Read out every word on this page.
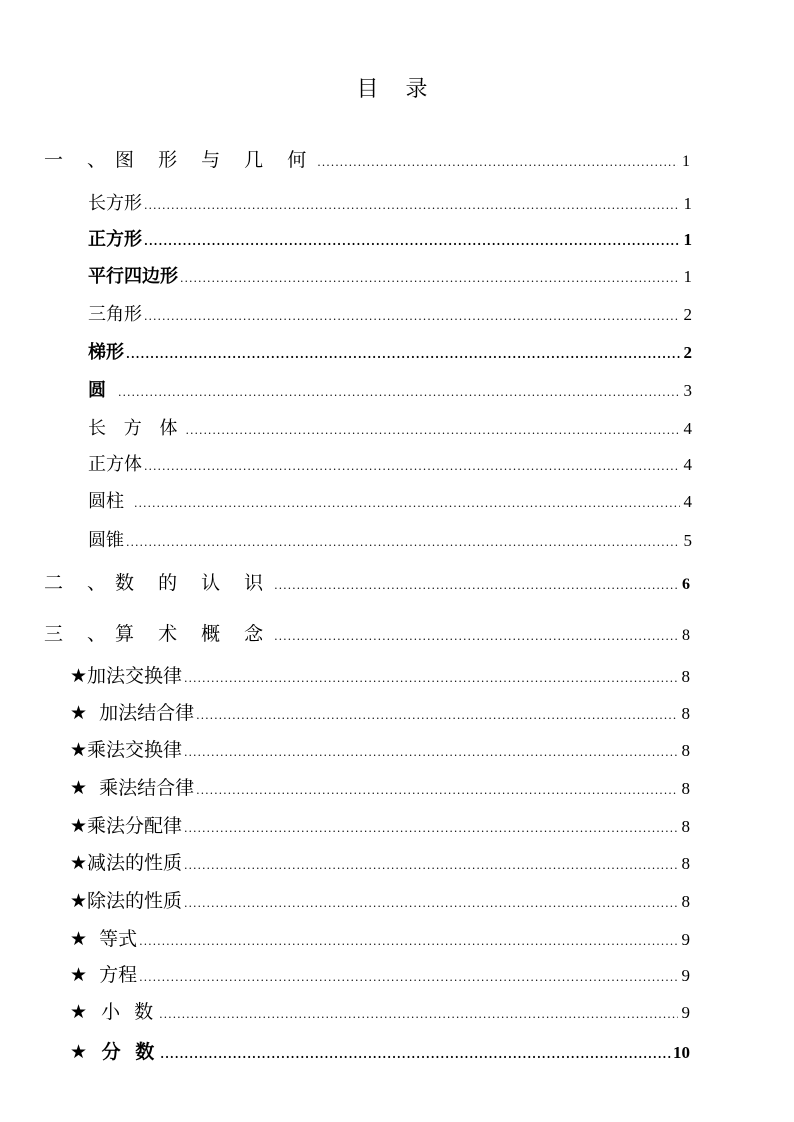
目 录
一 、图 形 与 几 何 .....	1
长方形 .....	1
正方形 .....	1
平行四边形 .....	1
三角形 .....	2
梯形 .....	2
圆 .....	3
长 方 体 .....	4
正方体 .....	4
圆柱 .....	4
圆锥 .....	5
二 、数 的 认 识 .....	6
三 、算 术 概 念 .....	8
★加法交换律 .....	8
★  加法结合律 .....	8
★乘法交换律 .....	8
★  乘法结合律 .....	8
★乘法分配律 .....	8
★减法的性质 .....	8
★除法的性质 .....	8
★  等式 .....	9
★  方程 .....	9
★ 小 数 .....	9
★ 分 数 .....	10
